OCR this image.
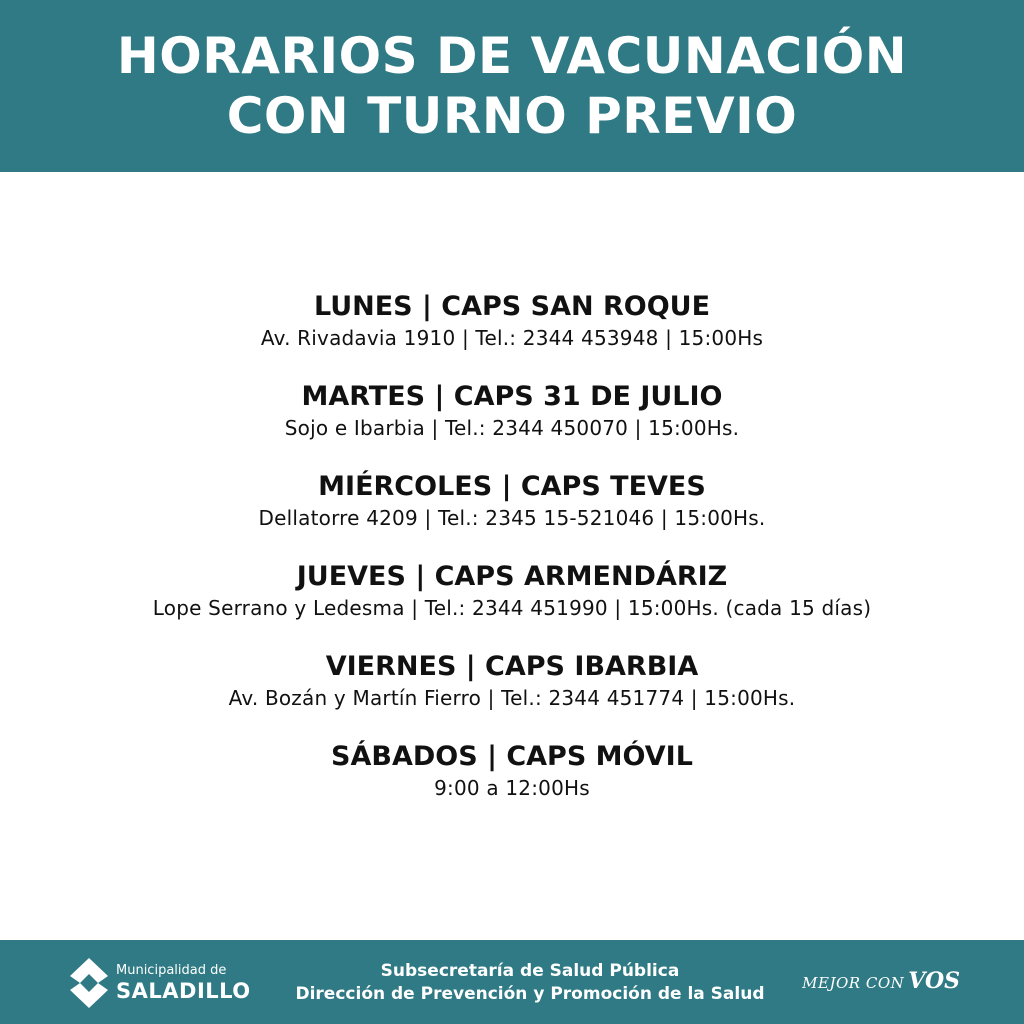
HORARIOS DE VACUNACIÓN
CON TURNO PREVIO
LUNES | CAPS SAN ROQUE
Av. Rivadavia 1910 | Tel.: 2344 453948 | 15:00Hs
MARTES | CAPS 31 DE JULIO
Sojo e Ibarbia | Tel.: 2344 450070 | 15:00Hs.
MIÉRCOLES | CAPS TEVES
Dellatorre 4209 | Tel.: 2345 15-521046 | 15:00Hs.
JUEVES | CAPS ARMENDÁRIZ
Lope Serrano y Ledesma | Tel.: 2344 451990 | 15:00Hs. (cada 15 días)
VIERNES | CAPS IBARBIA
Av. Bozán y Martín Fierro | Tel.: 2344 451774 | 15:00Hs.
SÁBADOS | CAPS MÓVIL
9:00 a 12:00Hs
Municipalidad de
SALADILLO
Subsecretaría de Salud Pública
Dirección de Prevención y Promoción de la Salud
MEJOR CON VOS
